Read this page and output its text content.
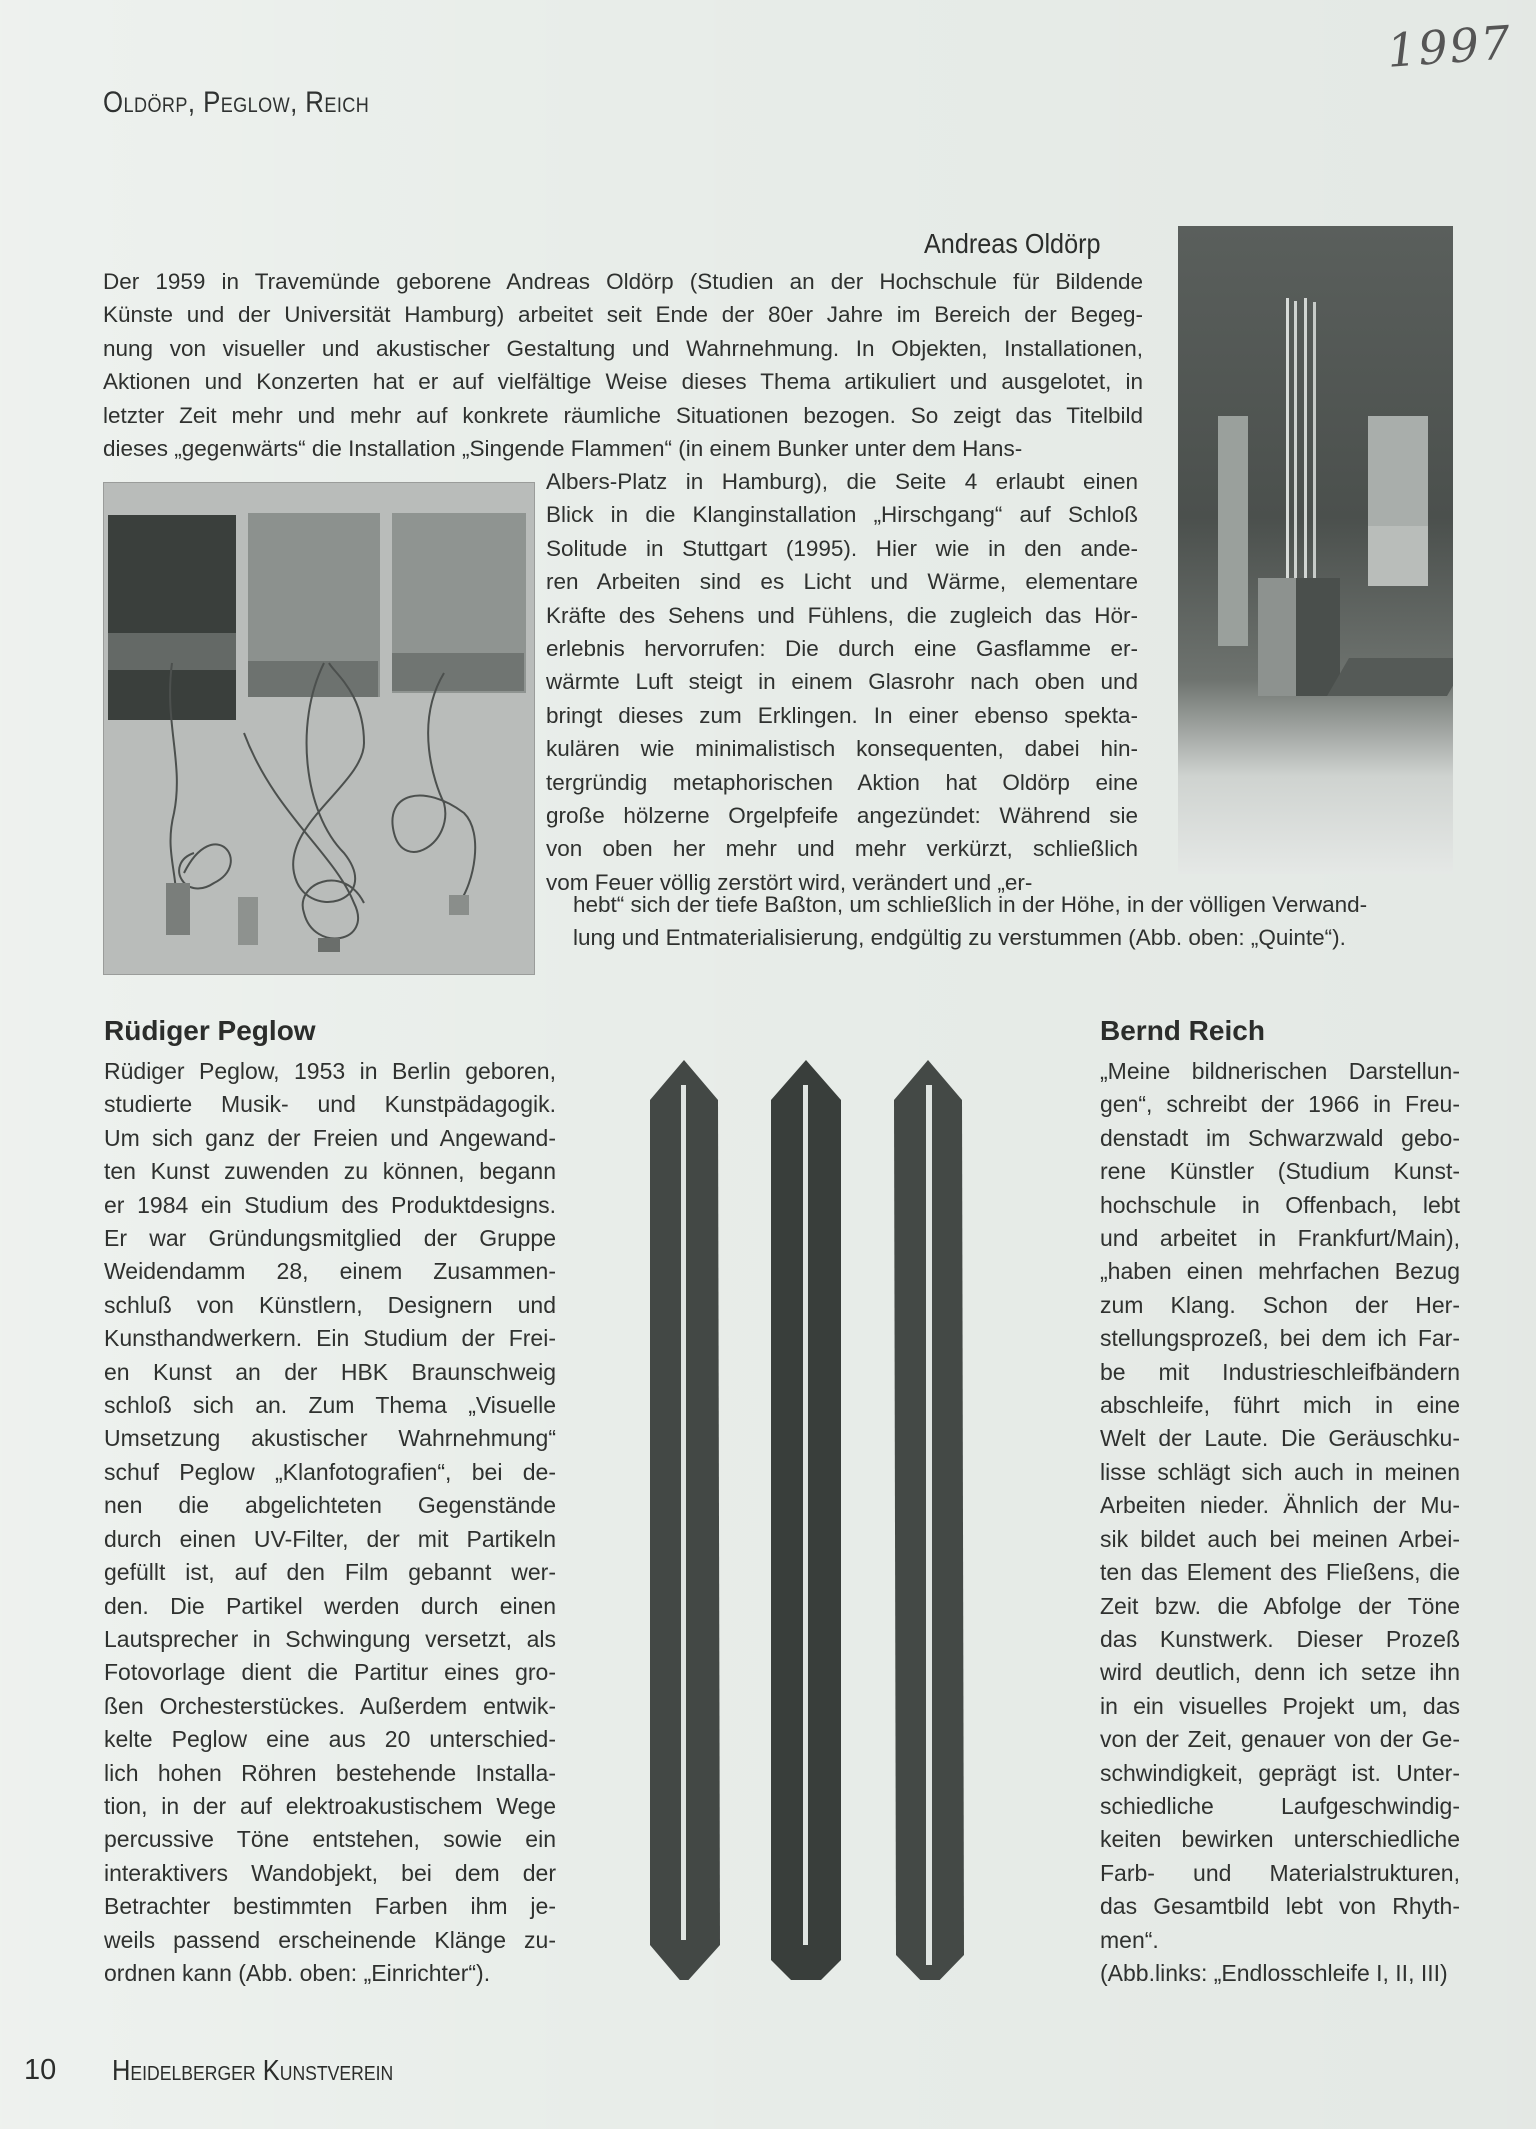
1997
Oldörp, Peglow, Reich
Andreas Oldörp
Der 1959 in Travemünde geborene Andreas Oldörp (Studien an der Hochschule für Bildende
Künste und der Universität Hamburg) arbeitet seit Ende der 80er Jahre im Bereich der Begeg-
nung von visueller und akustischer Gestaltung und Wahrnehmung. In Objekten, Installationen,
Aktionen und Konzerten hat er auf vielfältige Weise dieses Thema artikuliert und ausgelotet, in
letzter Zeit mehr und mehr auf konkrete räumliche Situationen bezogen. So zeigt das Titelbild
dieses „gegenwärts“ die Installation „Singende Flammen“ (in einem Bunker unter dem Hans-
Albers-Platz in Hamburg), die Seite 4 erlaubt einen
Blick in die Klanginstallation „Hirschgang“ auf Schloß
Solitude in Stuttgart (1995). Hier wie in den ande-
ren Arbeiten sind es Licht und Wärme, elementare
Kräfte des Sehens und Fühlens, die zugleich das Hör-
erlebnis hervorrufen: Die durch eine Gasflamme er-
wärmte Luft steigt in einem Glasrohr nach oben und
bringt dieses zum Erklingen. In einer ebenso spekta-
kulären wie minimalistisch konsequenten, dabei hin-
tergründig metaphorischen Aktion hat Oldörp eine
große hölzerne Orgelpfeife angezündet: Während sie
von oben her mehr und mehr verkürzt, schließlich
vom Feuer völlig zerstört wird, verändert und „er-
hebt“ sich der tiefe Baßton, um schließlich in der Höhe, in der völligen Verwand-
lung und Entmaterialisierung, endgültig zu verstummen (Abb. oben: „Quinte“).
Rüdiger Peglow
Rüdiger Peglow, 1953 in Berlin geboren,
studierte Musik- und Kunstpädagogik.
Um sich ganz der Freien und Angewand-
ten Kunst zuwenden zu können, begann
er 1984 ein Studium des Produktdesigns.
Er war Gründungsmitglied der Gruppe
Weidendamm 28, einem Zusammen-
schluß von Künstlern, Designern und
Kunsthandwerkern. Ein Studium der Frei-
en Kunst an der HBK Braunschweig
schloß sich an. Zum Thema „Visuelle
Umsetzung akustischer Wahrnehmung“
schuf Peglow „Klanfotografien“, bei de-
nen die abgelichteten Gegenstände
durch einen UV-Filter, der mit Partikeln
gefüllt ist, auf den Film gebannt wer-
den. Die Partikel werden durch einen
Lautsprecher in Schwingung versetzt, als
Fotovorlage dient die Partitur eines gro-
ßen Orchesterstückes. Außerdem entwik-
kelte Peglow eine aus 20 unterschied-
lich hohen Röhren bestehende Installa-
tion, in der auf elektroakustischem Wege
percussive Töne entstehen, sowie ein
interaktivers Wandobjekt, bei dem der
Betrachter bestimmten Farben ihm je-
weils passend erscheinende Klänge zu-
ordnen kann (Abb. oben: „Einrichter“).
Bernd Reich
„Meine bildnerischen Darstellun-
gen“, schreibt der 1966 in Freu-
denstadt im Schwarzwald gebo-
rene Künstler (Studium Kunst-
hochschule in Offenbach, lebt
und arbeitet in Frankfurt/Main),
„haben einen mehrfachen Bezug
zum Klang. Schon der Her-
stellungsprozeß, bei dem ich Far-
be mit Industrieschleifbändern
abschleife, führt mich in eine
Welt der Laute. Die Geräuschku-
lisse schlägt sich auch in meinen
Arbeiten nieder. Ähnlich der Mu-
sik bildet auch bei meinen Arbei-
ten das Element des Fließens, die
Zeit bzw. die Abfolge der Töne
das Kunstwerk. Dieser Prozeß
wird deutlich, denn ich setze ihn
in ein visuelles Projekt um, das
von der Zeit, genauer von der Ge-
schwindigkeit, geprägt ist. Unter-
schiedliche Laufgeschwindig-
keiten bewirken unterschiedliche
Farb- und Materialstrukturen,
das Gesamtbild lebt von Rhyth-
men“.
(Abb.links: „Endlosschleife I, II, III)
10 Heidelberger Kunstverein
